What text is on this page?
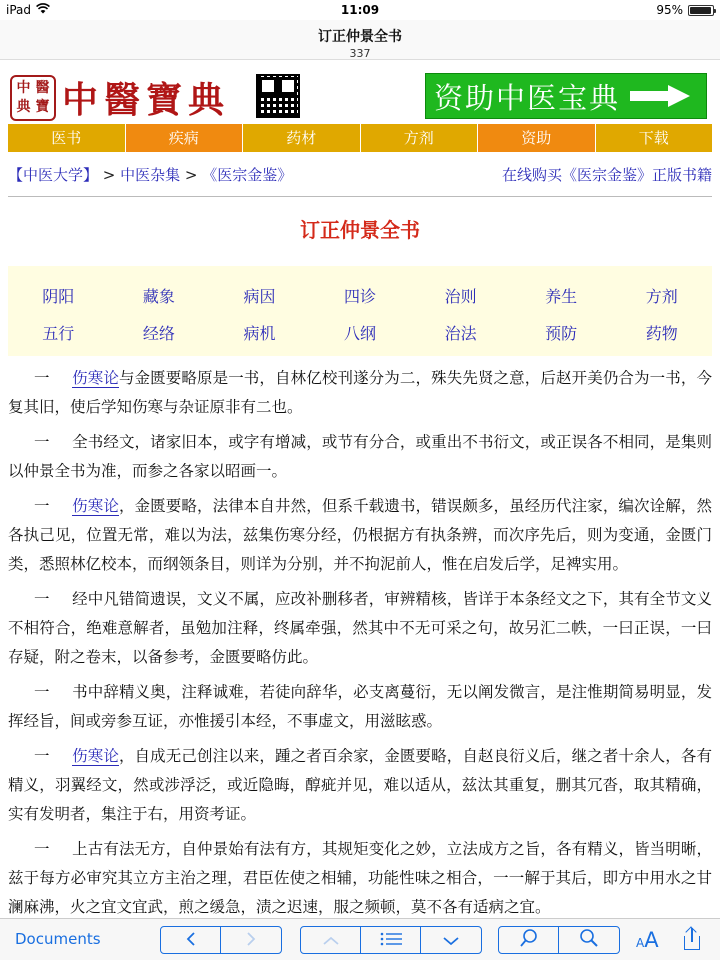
iPad	11:09	95%
订正仲景全书
337
中 醫
典 寶 中醫寶典	资助中医宝典
医书	疾病	药材	方剂	资助	下载
【中医大学】 > 中医杂集 > 《医宗金鉴》	在线购买《医宗金鉴》正版书籍
订正仲景全书
阴阳	藏象	病因	四诊	治则	养生	方剂
五行	经络	病机	八纲	治法	预防	药物

一 伤寒论与金匮要略原是一书，自林亿校刊遂分为二，殊失先贤之意，后赵开美仍合为一书，今复其旧，使后学知伤寒与杂证原非有二也。

一 全书经文，诸家旧本，或字有增减，或节有分合，或重出不书衍文，或正误各不相同，是集则以仲景全书为准，而参之各家以昭画一。

一 伤寒论，金匮要略，法律本自井然，但系千载遗书，错误颇多，虽经历代注家，编次诠解，然各执己见，位置无常，难以为法，兹集伤寒分经，仍根据方有执条辨，而次序先后，则为变通，金匮门类，悉照林亿校本，而纲领条目，则详为分别，并不拘泥前人，惟在启发后学，足裨实用。

一 经中凡错简遗误，文义不属，应改补删移者，审辨精核，皆详于本条经文之下，其有全节文义不相符合，绝难意解者，虽勉加注释，终属牵强，然其中不无可采之句，故另汇二帙，一曰正误，一曰存疑，附之卷末，以备参考，金匮要略仿此。

一 书中辞精义奥，注释诚难，若徒向辞华，必支离蔓衍，无以阐发微言，是注惟期简易明显，发挥经旨，间或旁参互证，亦惟援引本经，不事虚文，用滋眩惑。

一 伤寒论，自成无己创注以来，踵之者百余家，金匮要略，自赵良衍义后，继之者十余人，各有精义，羽翼经文，然或涉浮泛，或近隐晦，醇疵并见，难以适从，兹汰其重复，删其冗沓，取其精确，实有发明者，集注于右，用资考证。

一 上古有法无方，自仲景始有法有方，其规矩变化之妙，立法成方之旨，各有精义，皆当明晰，兹于每方必审究其立方主治之理，君臣佐使之相辅，功能性味之相合，一一解于其后，即方中用水之甘澜麻沸，火之宜文宜武，煎之缓急，渍之迟速，服之频顿，莫不各有适病之宜。

Documents	AA
